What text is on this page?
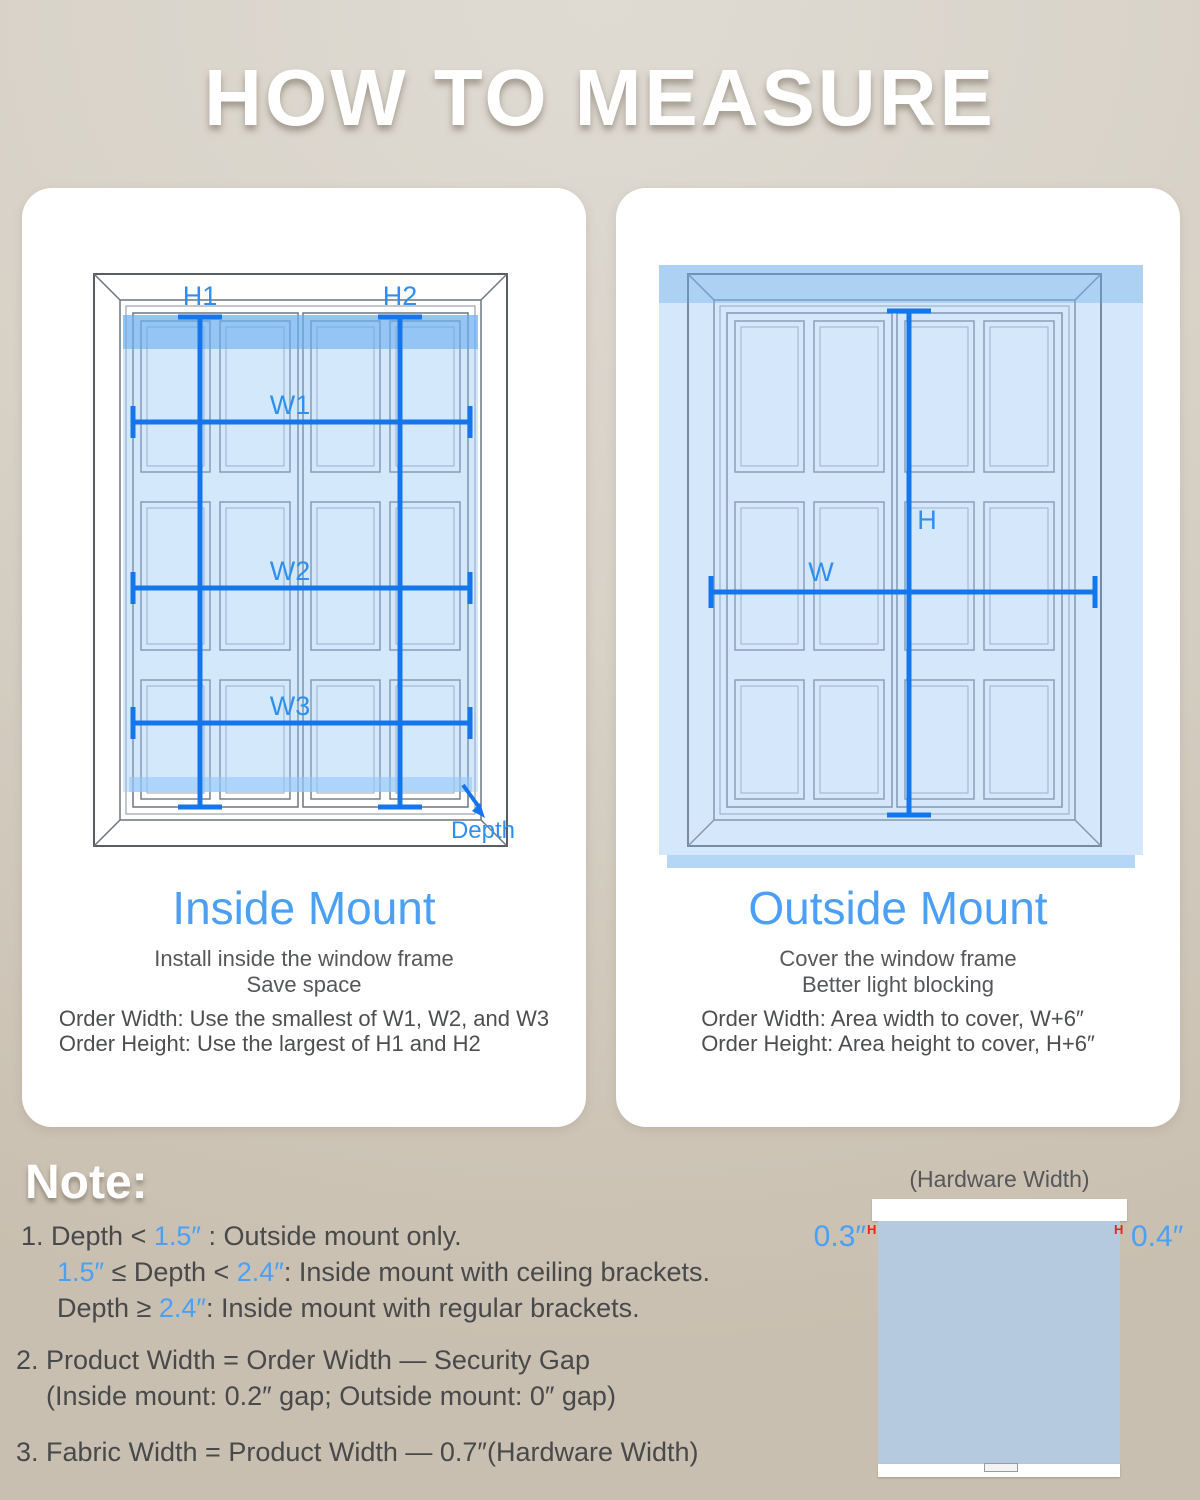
HOW TO MEASURE
H1	H2
W1
W2
W3
Depth
Inside Mount
Install inside the window frame
Save space
Order Width: Use the smallest of W1, W2, and W3
Order Height: Use the largest of H1 and H2
W
H
Outside Mount
Cover the window frame
Better light blocking
Order Width: Area width to cover, W+6″
Order Height: Area height to cover, H+6″
Note:
1. Depth < 1.5″ : Outside mount only.
1.5″ ≤ Depth < 2.4″: Inside mount with ceiling brackets.
Depth ≥ 2.4″: Inside mount with regular brackets.
2. Product Width = Order Width — Security Gap
(Inside mount: 0.2″ gap; Outside mount: 0″ gap)
3. Fabric Width = Product Width — 0.7″(Hardware Width)
(Hardware Width)
H	H
0.3″	0.4″
